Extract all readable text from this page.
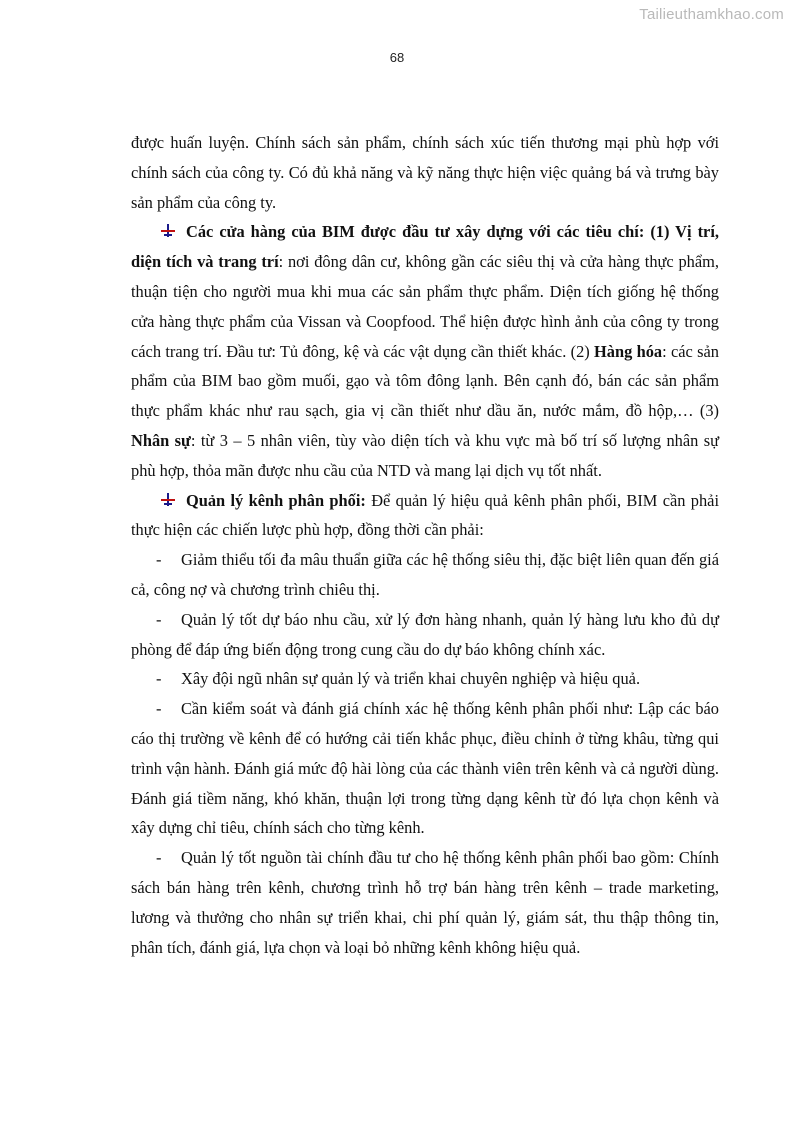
Tailieuthamkhao.com
68

được huấn luyện. Chính sách sản phẩm, chính sách xúc tiến thương mại phù hợp với chính sách của công ty. Có đủ khả năng và kỹ năng thực hiện việc quảng bá và trưng bày sản phẩm của công ty.

Các cửa hàng của BIM được đầu tư xây dựng với các tiêu chí: (1) Vị trí, diện tích và trang trí: nơi đông dân cư, không gần các siêu thị và cửa hàng thực phẩm, thuận tiện cho người mua khi mua các sản phẩm thực phẩm. Diện tích giống hệ thống cửa hàng thực phẩm của Vissan và Coopfood. Thể hiện được hình ảnh của công ty trong cách trang trí. Đầu tư: Tủ đông, kệ và các vật dụng cần thiết khác. (2) Hàng hóa: các sản phẩm của BIM bao gồm muối, gạo và tôm đông lạnh. Bên cạnh đó, bán các sản phẩm thực phẩm khác như rau sạch, gia vị cần thiết như dầu ăn, nước mắm, đồ hộp,… (3) Nhân sự: từ 3 – 5 nhân viên, tùy vào diện tích và khu vực mà bố trí số lượng nhân sự phù hợp, thỏa mãn được nhu cầu của NTD và mang lại dịch vụ tốt nhất.

Quản lý kênh phân phối: Để quản lý hiệu quả kênh phân phối, BIM cần phải thực hiện các chiến lược phù hợp, đồng thời cần phải:

- Giảm thiểu tối đa mâu thuẩn giữa các hệ thống siêu thị, đặc biệt liên quan đến giá cả, công nợ và chương trình chiêu thị.

- Quản lý tốt dự báo nhu cầu, xử lý đơn hàng nhanh, quản lý hàng lưu kho đủ dự phòng để đáp ứng biến động trong cung cầu do dự báo không chính xác.

- Xây đội ngũ nhân sự quản lý và triển khai chuyên nghiệp và hiệu quả.

- Cần kiểm soát và đánh giá chính xác hệ thống kênh phân phối như: Lập các báo cáo thị trường về kênh để có hướng cải tiến khắc phục, điều chỉnh ở từng khâu, từng qui trình vận hành. Đánh giá mức độ hài lòng của các thành viên trên kênh và cả người dùng. Đánh giá tiềm năng, khó khăn, thuận lợi trong từng dạng kênh từ đó lựa chọn kênh và xây dựng chỉ tiêu, chính sách cho từng kênh.

- Quản lý tốt nguồn tài chính đầu tư cho hệ thống kênh phân phối bao gồm: Chính sách bán hàng trên kênh, chương trình hỗ trợ bán hàng trên kênh – trade marketing, lương và thưởng cho nhân sự triển khai, chi phí quản lý, giám sát, thu thập thông tin, phân tích, đánh giá, lựa chọn và loại bỏ những kênh không hiệu quả.
